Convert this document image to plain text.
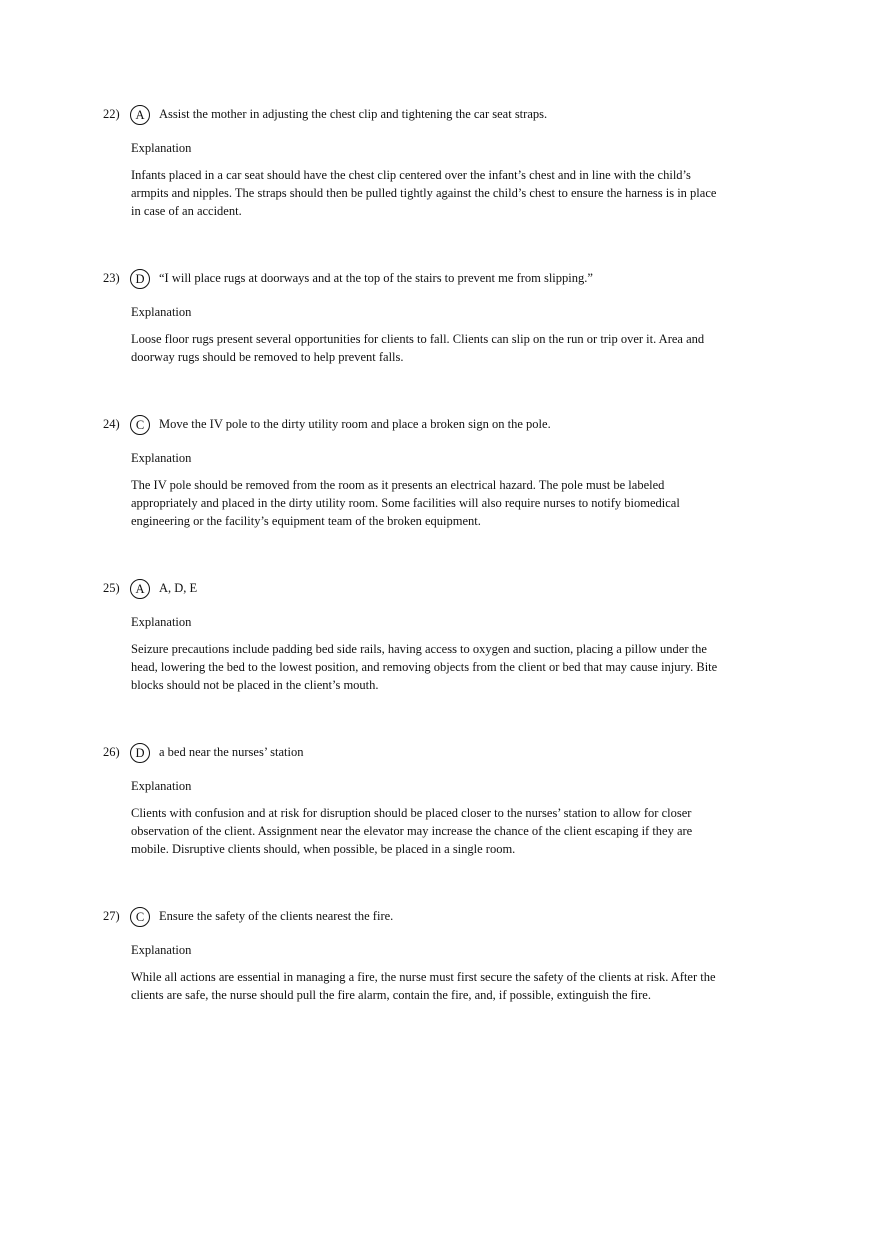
22)	A	Assist the mother in adjusting the chest clip and tightening the car seat straps.
Explanation
Infants placed in a car seat should have the chest clip centered over the infant’s chest and in line with the child’s armpits and nipples. The straps should then be pulled tightly against the child’s chest to ensure the harness is in place in case of an accident.
23)	D	“I will place rugs at doorways and at the top of the stairs to prevent me from slipping.”
Explanation
Loose floor rugs present several opportunities for clients to fall. Clients can slip on the run or trip over it. Area and doorway rugs should be removed to help prevent falls.
24)	C	Move the IV pole to the dirty utility room and place a broken sign on the pole.
Explanation
The IV pole should be removed from the room as it presents an electrical hazard. The pole must be labeled appropriately and placed in the dirty utility room. Some facilities will also require nurses to notify biomedical engineering or the facility’s equipment team of the broken equipment.
25)	A	A, D, E
Explanation
Seizure precautions include padding bed side rails, having access to oxygen and suction, placing a pillow under the head, lowering the bed to the lowest position, and removing objects from the client or bed that may cause injury. Bite blocks should not be placed in the client’s mouth.
26)	D	a bed near the nurses’ station
Explanation
Clients with confusion and at risk for disruption should be placed closer to the nurses’ station to allow for closer observation of the client. Assignment near the elevator may increase the chance of the client escaping if they are mobile. Disruptive clients should, when possible, be placed in a single room.
27)	C	Ensure the safety of the clients nearest the fire.
Explanation
While all actions are essential in managing a fire, the nurse must first secure the safety of the clients at risk. After the clients are safe, the nurse should pull the fire alarm, contain the fire, and, if possible, extinguish the fire.
